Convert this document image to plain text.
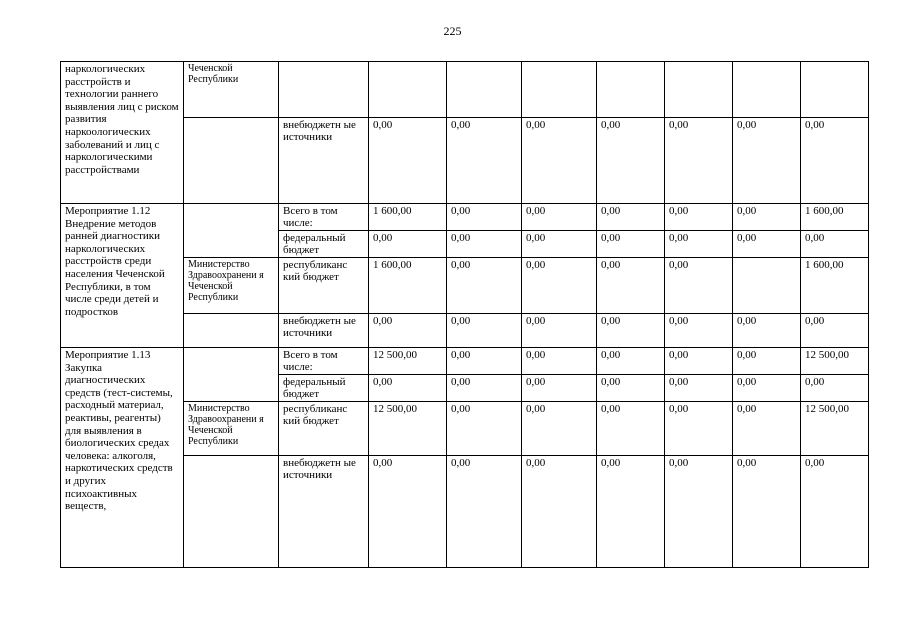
225
наркологических расстройств и технологии раннего выявления лиц с риском развития наркоологических заболеваний и лиц с наркологическими расстройствами	Чеченской Республики								
		внебюджетн ые источники	0,00	0,00	0,00	0,00	0,00	0,00	0,00
Мероприятие 1.12 Внедрение методов ранней диагностики наркологических расстройств среди населения Чеченской Республики, в том числе среди детей и подростков		Всего в том числе:	1 600,00	0,00	0,00	0,00	0,00	0,00	1 600,00
		федеральный бюджет	0,00	0,00	0,00	0,00	0,00	0,00	0,00
	Министерство Здравоохранени я Чеченской Республики	республиканс кий бюджет	1 600,00	0,00	0,00	0,00	0,00		1 600,00
		внебюджетн ые источники	0,00	0,00	0,00	0,00	0,00	0,00	0,00
Мероприятие 1.13 Закупка диагностических средств (тест-системы, расходный материал, реактивы, реагенты) для выявления в биологических средах человека: алкоголя, наркотических средств и других психоактивных веществ,		Всего в том числе:	12 500,00	0,00	0,00	0,00	0,00	0,00	12 500,00
		федеральный бюджет	0,00	0,00	0,00	0,00	0,00	0,00	0,00
	Министерство Здравоохранени я Чеченской Республики	республиканс кий бюджет	12 500,00	0,00	0,00	0,00	0,00	0,00	12 500,00
		внебюджетн ые источники	0,00	0,00	0,00	0,00	0,00	0,00	0,00
